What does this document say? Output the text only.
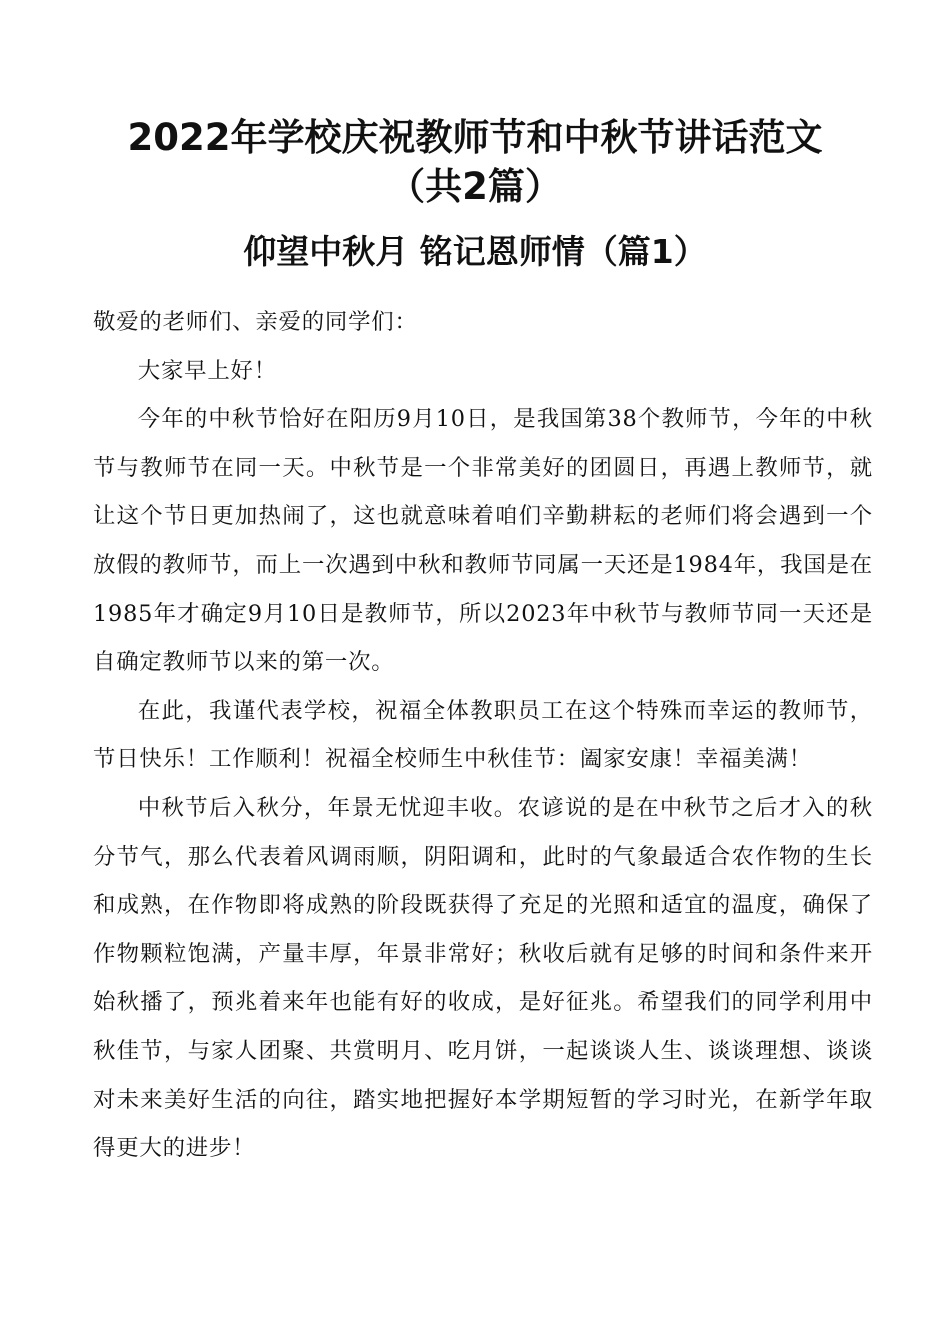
2022年学校庆祝教师节和中秋节讲话范文
（共2篇）
仰望中秋月 铭记恩师情（篇1）

敬爱的老师们、亲爱的同学们：

大家早上好！

今年的中秋节恰好在阳历9月10日，是我国第38个教师节，今年的中秋节与教师节在同一天。中秋节是一个非常美好的团圆日，再遇上教师节，就让这个节日更加热闹了，这也就意味着咱们辛勤耕耘的老师们将会遇到一个放假的教师节，而上一次遇到中秋和教师节同属一天还是1984年，我国是在1985年才确定9月10日是教师节，所以2023年中秋节与教师节同一天还是自确定教师节以来的第一次。

在此，我谨代表学校，祝福全体教职员工在这个特殊而幸运的教师节，节日快乐！工作顺利！祝福全校师生中秋佳节：阖家安康！幸福美满！

中秋节后入秋分，年景无忧迎丰收。农谚说的是在中秋节之后才入的秋分节气，那么代表着风调雨顺，阴阳调和，此时的气象最适合农作物的生长和成熟，在作物即将成熟的阶段既获得了充足的光照和适宜的温度，确保了作物颗粒饱满，产量丰厚，年景非常好；秋收后就有足够的时间和条件来开始秋播了，预兆着来年也能有好的收成，是好征兆。希望我们的同学利用中秋佳节，与家人团聚、共赏明月、吃月饼，一起谈谈人生、谈谈理想、谈谈对未来美好生活的向往，踏实地把握好本学期短暂的学习时光，在新学年取得更大的进步！
